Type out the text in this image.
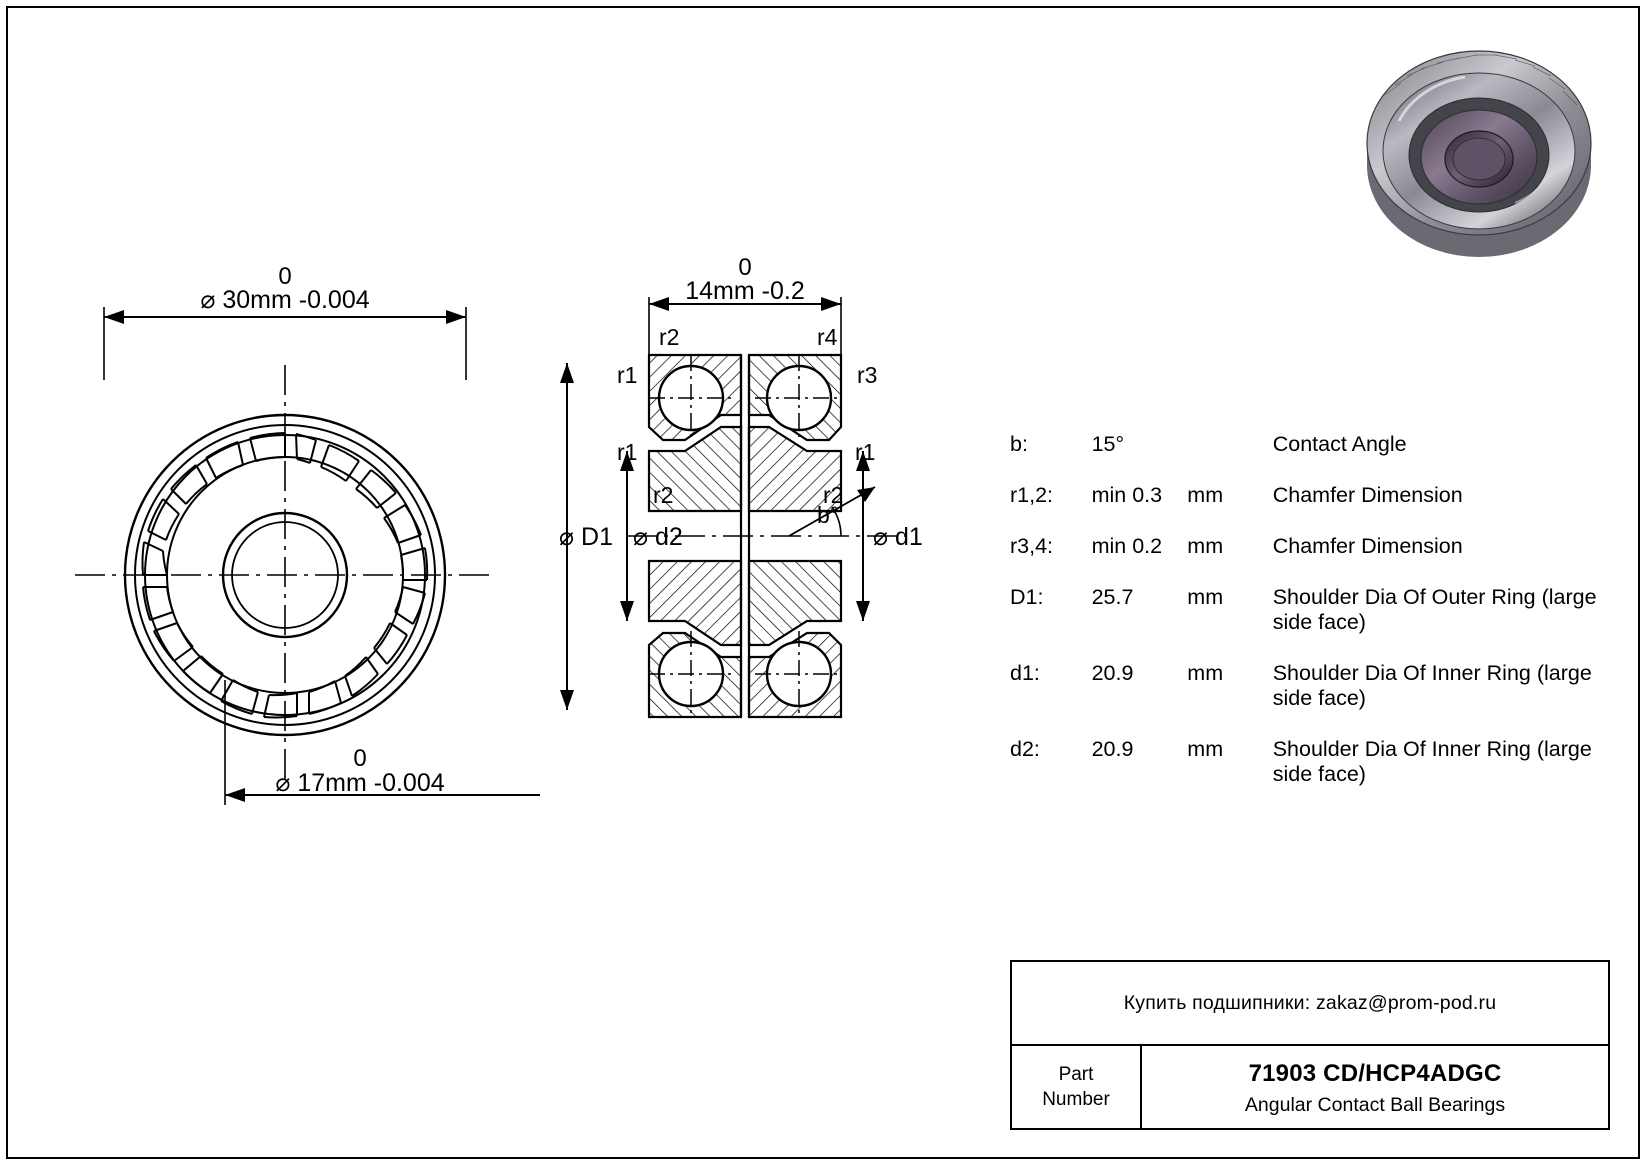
0
⌀ 30mm -0.004
0
⌀ 17mm -0.004
0
14mm -0.2
b°
⌀ D1 ⌀ d2	⌀ d1
r2	r4
r1	r3
r1	r1
r2	r2
b:	15°		Contact Angle
r1,2:	min 0.3	mm	Chamfer Dimension
r3,4:	min 0.2	mm	Chamfer Dimension
D1:	25.7	mm	Shoulder Dia Of Outer Ring (large side face)
d1:	20.9	mm	Shoulder Dia Of Inner Ring (large side face)
d2:	20.9	mm	Shoulder Dia Of Inner Ring (large side face)
Купить подшипники: zakaz@prom-pod.ru
Part
Number
71903 CD/HCP4ADGC
Angular Contact Ball Bearings
